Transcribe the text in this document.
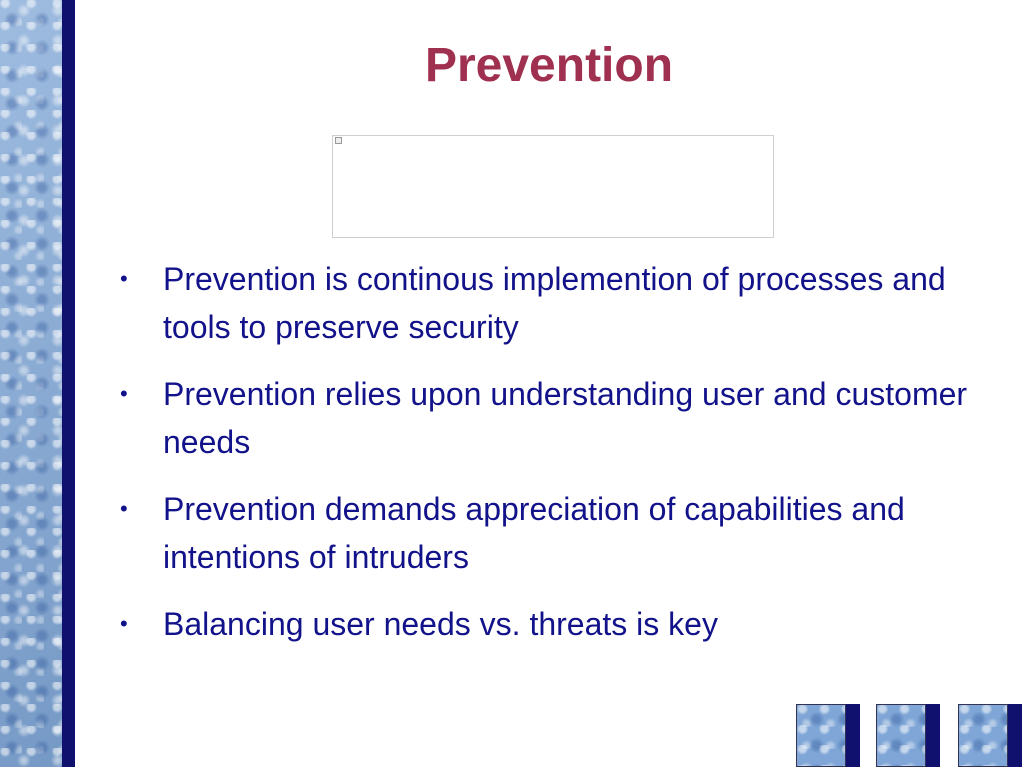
Prevention
• Prevention is continous implemention of processes and tools to preserve security
• Prevention relies upon understanding user and customer needs
• Prevention demands appreciation of capabilities and intentions of intruders
• Balancing user needs vs. threats is key
